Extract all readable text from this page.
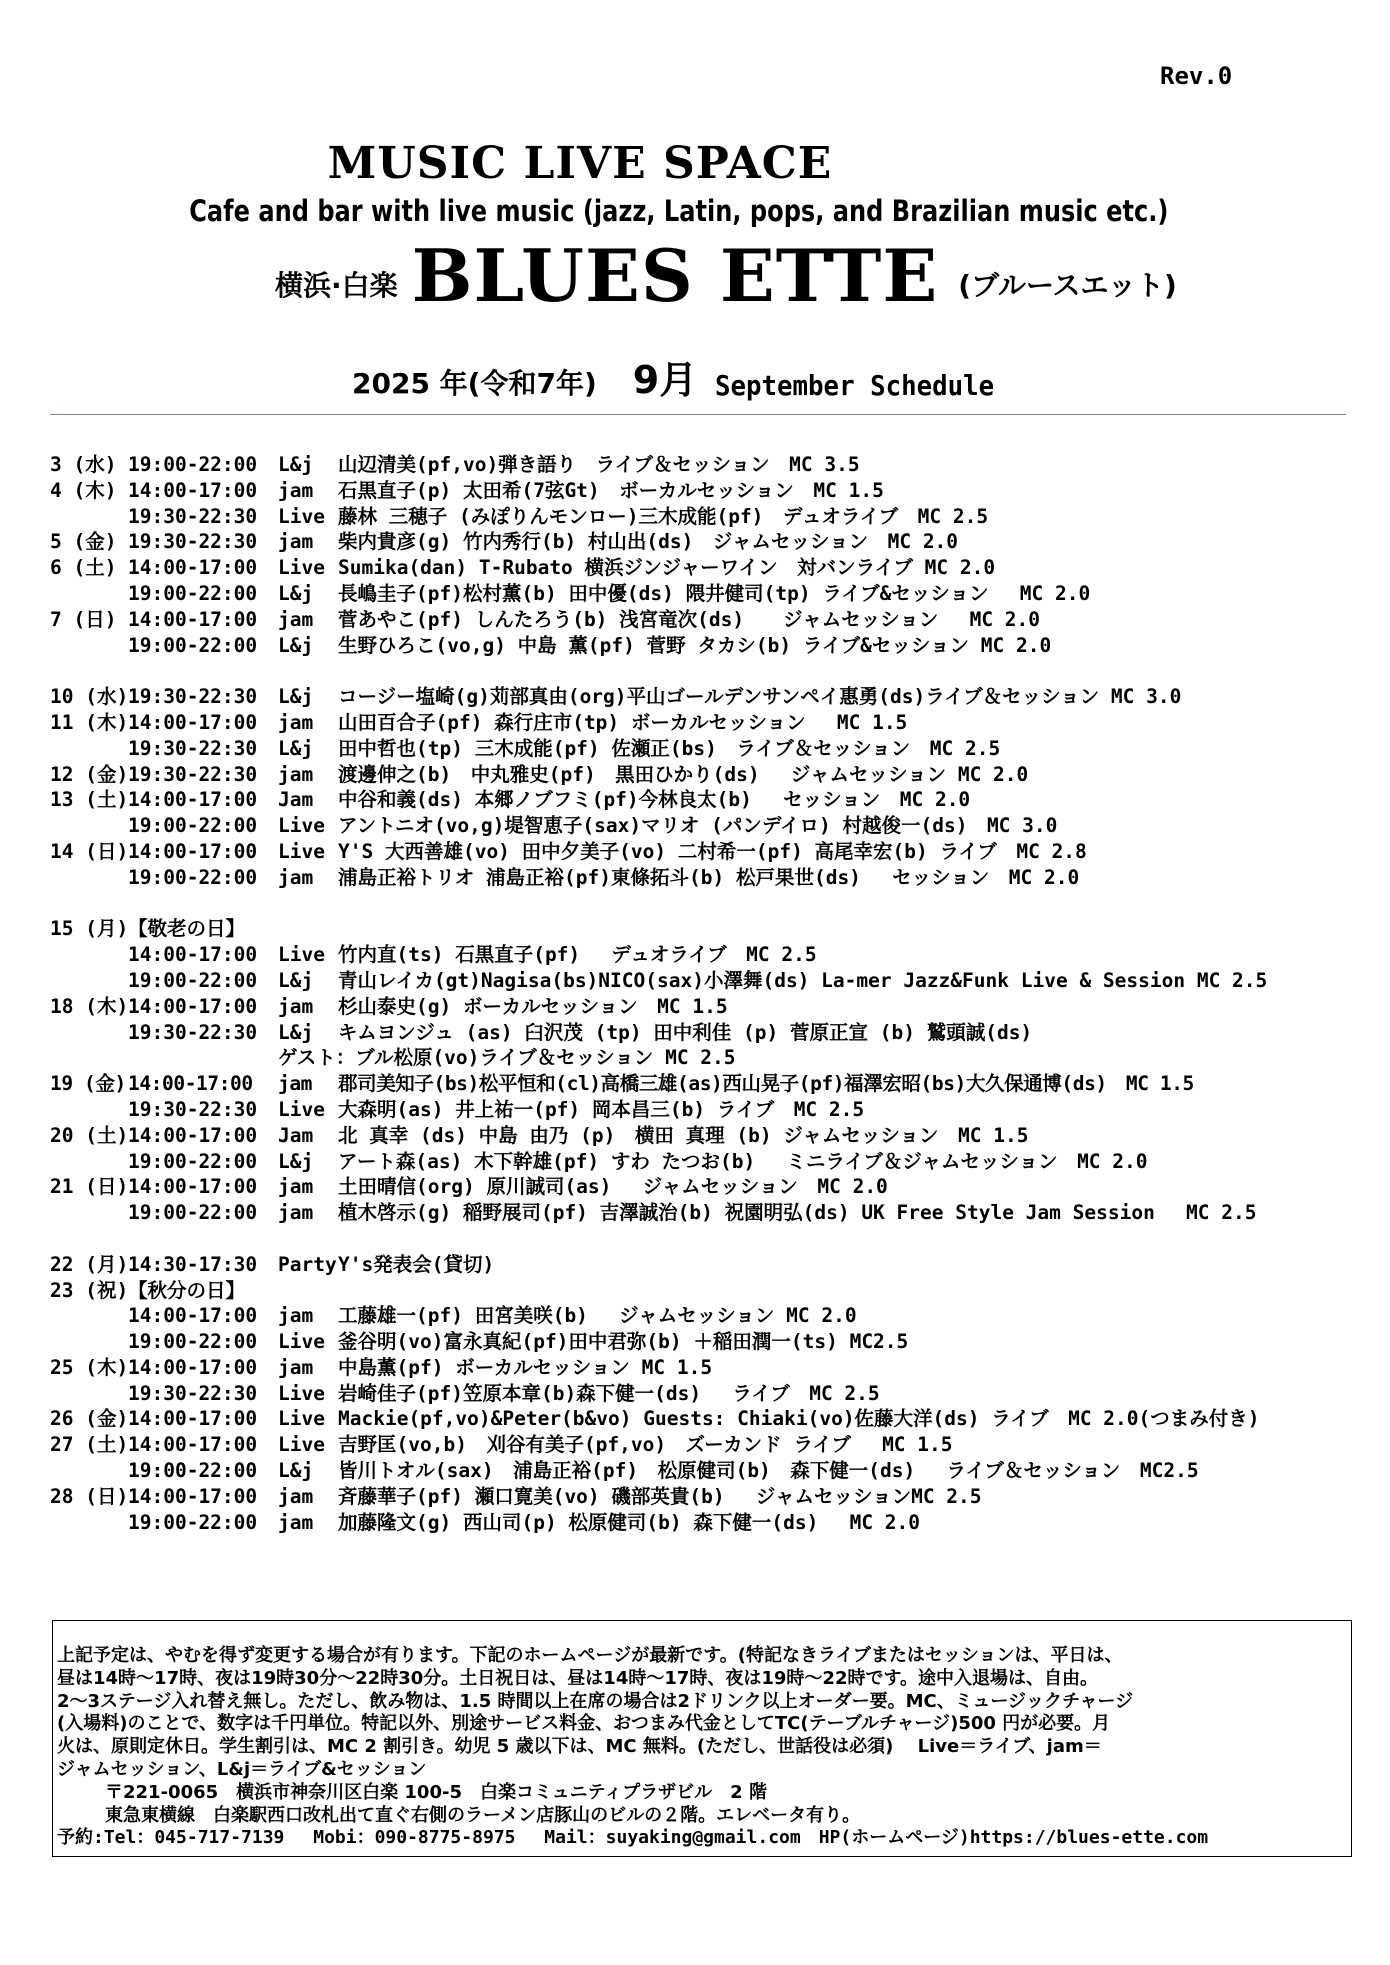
Rev.0
MUSIC LIVE SPACE
Cafe and bar with live music (jazz, Latin, pops, and Brazilian music etc.)
横浜·白楽 BLUES ETTE (ブルースエット)
2025 年(令和7年) 9月 September Schedule
3 (水) 19:00-22:00 L&j 山辺清美(pf,vo)弾き語り　ライブ＆セッション　MC 3.5
4 (木) 14:00-17:00 jam 石黒直子(p) 太田希(7弦Gt)　ボーカルセッション　MC 1.5
19:30-22:30 Live 藤林 三穂子 (みぽりんモンロー)三木成能(pf)　デュオライブ　MC 2.5
5 (金) 19:30-22:30 jam 柴内貴彦(g) 竹内秀行(b) 村山出(ds)　ジャムセッション　MC 2.0
6 (土) 14:00-17:00 Live Sumika(dan) T-Rubato 横浜ジンジャーワイン　対バンライブ MC 2.0
19:00-22:00 L&j 長嶋圭子(pf)松村薫(b) 田中優(ds) 隈井健司(tp) ライブ&セッション　 MC 2.0
7 (日) 14:00-17:00 jam 菅あやこ(pf) しんたろう(b) 浅宮竜次(ds)　　ジャムセッション　 MC 2.0
19:00-22:00 L&j 生野ひろこ(vo,g) 中島 薫(pf) 菅野 タカシ(b) ライブ&セッション MC 2.0
10 (水)19:30-22:30 L&j コージー塩崎(g)苅部真由(org)平山ゴールデンサンペイ惠勇(ds)ライブ＆セッション MC 3.0
11 (木)14:00-17:00 jam 山田百合子(pf) 森行庄市(tp) ボーカルセッション　 MC 1.5
19:30-22:30 L&j 田中哲也(tp) 三木成能(pf) 佐瀬正(bs)　ライブ＆セッション　MC 2.5
12 (金)19:30-22:30 jam 渡邊伸之(b)　中丸雅史(pf)　黒田ひかり(ds)　 ジャムセッション MC 2.0
13 (土)14:00-17:00 Jam 中谷和義(ds) 本郷ノブフミ(pf)今林良太(b)　 セッション　MC 2.0
19:00-22:00 Live アントニオ(vo,g)堤智恵子(sax)マリオ (パンデイロ) 村越俊一(ds)　MC 3.0
14 (日)14:00-17:00 Live Y'S 大西善雄(vo) 田中夕美子(vo) 二村希一(pf) 高尾幸宏(b) ライブ　MC 2.8
19:00-22:00 jam 浦島正裕トリオ 浦島正裕(pf)東條拓斗(b) 松戸果世(ds)　 セッション　MC 2.0
15 (月)【敬老の日】
14:00-17:00 Live 竹内直(ts) 石黒直子(pf)　 デュオライブ　MC 2.5
19:00-22:00 L&j 青山レイカ(gt)Nagisa(bs)NICO(sax)小澤舞(ds) La-mer Jazz&Funk Live & Session MC 2.5
18 (木)14:00-17:00 jam 杉山泰史(g) ボーカルセッション　MC 1.5
19:30-22:30 L&j キムヨンジュ (as) 臼沢茂 (tp) 田中利佳 (p) 菅原正宣 (b) 鷲頭誠(ds)
ゲスト：ブル松原(vo)ライブ＆セッション MC 2.5
19 (金) 14:00-17:00 jam 郡司美知子(bs)松平恒和(cl)高橋三雄(as)西山晃子(pf)福澤宏昭(bs)大久保通博(ds)　MC 1.5
19:30-22:30 Live 大森明(as) 井上祐一(pf) 岡本昌三(b) ライブ　MC 2.5
20 (土)14:00-17:00 Jam 北 真幸 (ds) 中島 由乃 (p)　横田 真理 (b) ジャムセッション　MC 1.5
19:00-22:00 L&j アート森(as) 木下幹雄(pf) すわ たつお(b)　 ミニライブ＆ジャムセッション　MC 2.0
21 (日)14:00-17:00 jam 土田晴信(org) 原川誠司(as)　 ジャムセッション　MC 2.0
19:00-22:00 jam 植木啓示(g) 稲野展司(pf) 吉澤誠治(b) 祝園明弘(ds) UK Free Style Jam Session　 MC 2.5
22 (月)14:30-17:30 PartyY's発表会(貸切)
23 (祝)【秋分の日】
14:00-17:00 jam 工藤雄一(pf) 田宮美咲(b)　 ジャムセッション MC 2.0
19:00-22:00 Live 釜谷明(vo)富永真紀(pf)田中君弥(b) ＋稲田潤一(ts) MC2.5
25 (木)14:00-17:00 jam 中島薫(pf) ボーカルセッション MC 1.5
19:30-22:30 Live 岩崎佳子(pf)笠原本章(b)森下健一(ds)　 ライブ　MC 2.5
26 (金)14:00-17:00 Live Mackie(pf,vo)&Peter(b&vo) Guests: Chiaki(vo)佐藤大洋(ds) ライブ　MC 2.0(つまみ付き)
27 (土)14:00-17:00 Live 吉野匡(vo,b)　刈谷有美子(pf,vo)　ズーカンド ライブ　 MC 1.5
19:00-22:00 L&j 皆川トオル(sax)　浦島正裕(pf)　松原健司(b)　森下健一(ds)　 ライブ＆セッション　MC2.5
28 (日)14:00-17:00 jam 斉藤華子(pf) 瀬口寛美(vo) 磯部英貴(b)　 ジャムセッションMC 2.5
19:00-22:00 jam 加藤隆文(g) 西山司(p) 松原健司(b) 森下健一(ds)　 MC 2.0
上記予定は、やむを得ず変更する場合が有ります。下記のホームページが最新です。(特記なきライブまたはセッションは、平日は、
昼は14時～17時、夜は19時30分～22時30分。土日祝日は、昼は14時～17時、夜は19時～22時です。途中入退場は、自由。
2～3ステージ入れ替え無し。ただし、飲み物は、1.5 時間以上在席の場合は2ドリンク以上オーダー要。MC、ミュージックチャージ
(入場料)のことで、数字は千円単位。特記以外、別途サービス料金、おつまみ代金としてTC(テーブルチャージ)500 円が必要。月
火は、原則定休日。学生割引は、MC 2 割引き。幼児 5 歳以下は、MC 無料。(ただし、世話役は必須)　 Live＝ライブ、jam＝
ジャムセッション、L&j＝ライブ&セッション
〒221-0065　横浜市神奈川区白楽 100-5　白楽コミュニティプラザビル　2 階
東急東横線　白楽駅西口改札出て直ぐ右側のラーメン店豚山のビルの２階。エレベータ有り。
予約:Tel：045-717-7139　 Mobi：090-8775-8975　 Mail：suyaking@gmail.com　HP(ホームページ)https://blues-ette.com
